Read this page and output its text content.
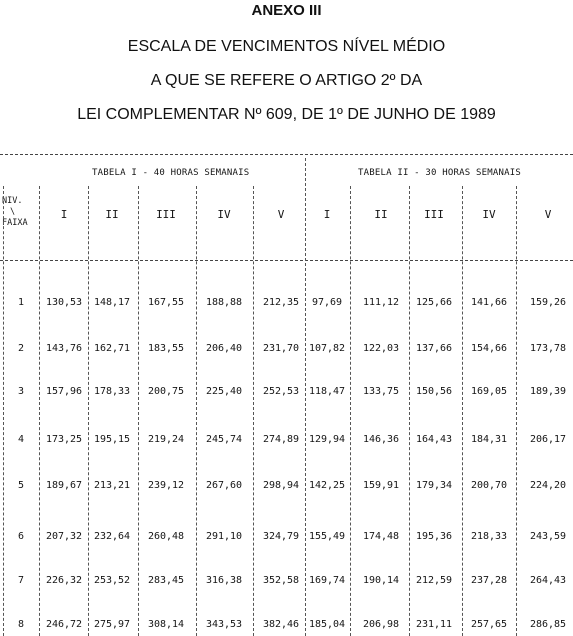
ANEXO III
ESCALA DE VENCIMENTOS NÍVEL MÉDIO
A QUE SE REFERE O ARTIGO 2º DA
LEI COMPLEMENTAR Nº 609, DE 1º DE JUNHO DE 1989
TABELA I - 40 HORAS SEMANAIS	TABELA II - 30 HORAS SEMANAIS
NIV.
\
FAIXA
I	II	III	IV	V	I	II	III	IV	V
1 130,53 148,17 167,55 188,88 212,35 97,69 111,12 125,66 141,66 159,26
2 143,76 162,71 183,55 206,40 231,70 107,82 122,03 137,66 154,66 173,78
3 157,96 178,33 200,75 225,40 252,53 118,47 133,75 150,56 169,05 189,39
4 173,25 195,15 219,24 245,74 274,89 129,94 146,36 164,43 184,31 206,17
5 189,67 213,21 239,12 267,60 298,94 142,25 159,91 179,34 200,70 224,20
6 207,32 232,64 260,48 291,10 324,79 155,49 174,48 195,36 218,33 243,59
7 226,32 253,52 283,45 316,38 352,58 169,74 190,14 212,59 237,28 264,43
8 246,72 275,97 308,14 343,53 382,46 185,04 206,98 231,11 257,65 286,85
